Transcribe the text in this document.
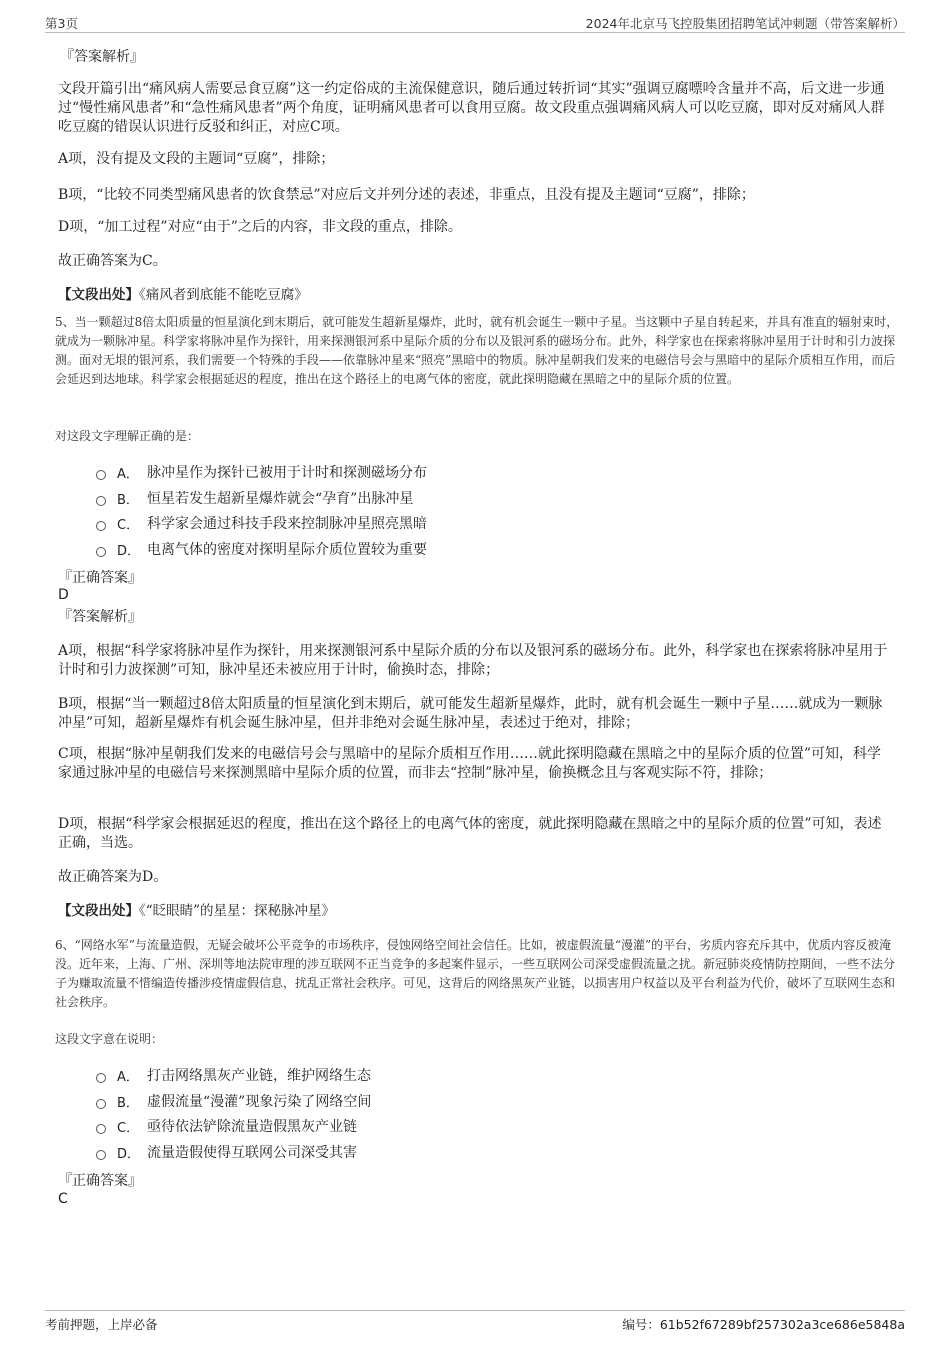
第3页	2024年北京马飞控股集团招聘笔试冲刺题（带答案解析）
『答案解析』
文段开篇引出“痛风病人需要忌食豆腐”这一约定俗成的主流保健意识，随后通过转折词“其实”强调豆腐嘌呤含量并不高，后文进一步通过“慢性痛风患者”和“急性痛风患者”两个角度，证明痛风患者可以食用豆腐。故文段重点强调痛风病人可以吃豆腐，即对反对痛风人群吃豆腐的错误认识进行反驳和纠正，对应C项。
A项，没有提及文段的主题词“豆腐”，排除；
B项，“比较不同类型痛风患者的饮食禁忌”对应后文并列分述的表述，非重点，且没有提及主题词“豆腐”，排除；
D项，“加工过程”对应“由于”之后的内容，非文段的重点，排除。
故正确答案为C。
【文段出处】《痛风者到底能不能吃豆腐》
5、当一颗超过8倍太阳质量的恒星演化到末期后，就可能发生超新星爆炸，此时，就有机会诞生一颗中子星。当这颗中子星自转起来，并具有准直的辐射束时，就成为一颗脉冲星。科学家将脉冲星作为探针，用来探测银河系中星际介质的分布以及银河系的磁场分布。此外，科学家也在探索将脉冲星用于计时和引力波探测。面对无垠的银河系，我们需要一个特殊的手段——依靠脉冲星来“照亮”黑暗中的物质。脉冲星朝我们发来的电磁信号会与黑暗中的星际介质相互作用，而后会延迟到达地球。科学家会根据延迟的程度，推出在这个路径上的电离气体的密度，就此探明隐藏在黑暗之中的星际介质的位置。
对这段文字理解正确的是：
A． 脉冲星作为探针已被用于计时和探测磁场分布
B． 恒星若发生超新星爆炸就会“孕育”出脉冲星
C． 科学家会通过科技手段来控制脉冲星照亮黑暗
D． 电离气体的密度对探明星际介质位置较为重要
『正确答案』
D
『答案解析』
A项，根据“科学家将脉冲星作为探针，用来探测银河系中星际介质的分布以及银河系的磁场分布。此外，科学家也在探索将脉冲星用于计时和引力波探测”可知，脉冲星还未被应用于计时，偷换时态，排除；
B项，根据“当一颗超过8倍太阳质量的恒星演化到末期后，就可能发生超新星爆炸，此时，就有机会诞生一颗中子星……就成为一颗脉冲星”可知，超新星爆炸有机会诞生脉冲星，但并非绝对会诞生脉冲星，表述过于绝对，排除；
C项，根据“脉冲星朝我们发来的电磁信号会与黑暗中的星际介质相互作用……就此探明隐藏在黑暗之中的星际介质的位置”可知，科学家通过脉冲星的电磁信号来探测黑暗中星际介质的位置，而非去“控制”脉冲星，偷换概念且与客观实际不符，排除；
D项，根据“科学家会根据延迟的程度，推出在这个路径上的电离气体的密度，就此探明隐藏在黑暗之中的星际介质的位置”可知，表述正确，当选。
故正确答案为D。
【文段出处】《“眨眼睛”的星星：探秘脉冲星》
6、“网络水军”与流量造假，无疑会破坏公平竞争的市场秩序，侵蚀网络空间社会信任。比如，被虚假流量“漫灌”的平台，劣质内容充斥其中，优质内容反被淹没。近年来，上海、广州、深圳等地法院审理的涉互联网不正当竞争的多起案件显示，一些互联网公司深受虚假流量之扰。新冠肺炎疫情防控期间，一些不法分子为赚取流量不惜编造传播涉疫情虚假信息，扰乱正常社会秩序。可见，这背后的网络黑灰产业链，以损害用户权益以及平台利益为代价，破坏了互联网生态和社会秩序。
这段文字意在说明：
A． 打击网络黑灰产业链，维护网络生态
B． 虚假流量“漫灌”现象污染了网络空间
C． 亟待依法铲除流量造假黑灰产业链
D． 流量造假使得互联网公司深受其害
『正确答案』
C
考前押题，上岸必备	编号：61b52f67289bf257302a3ce686e5848a
